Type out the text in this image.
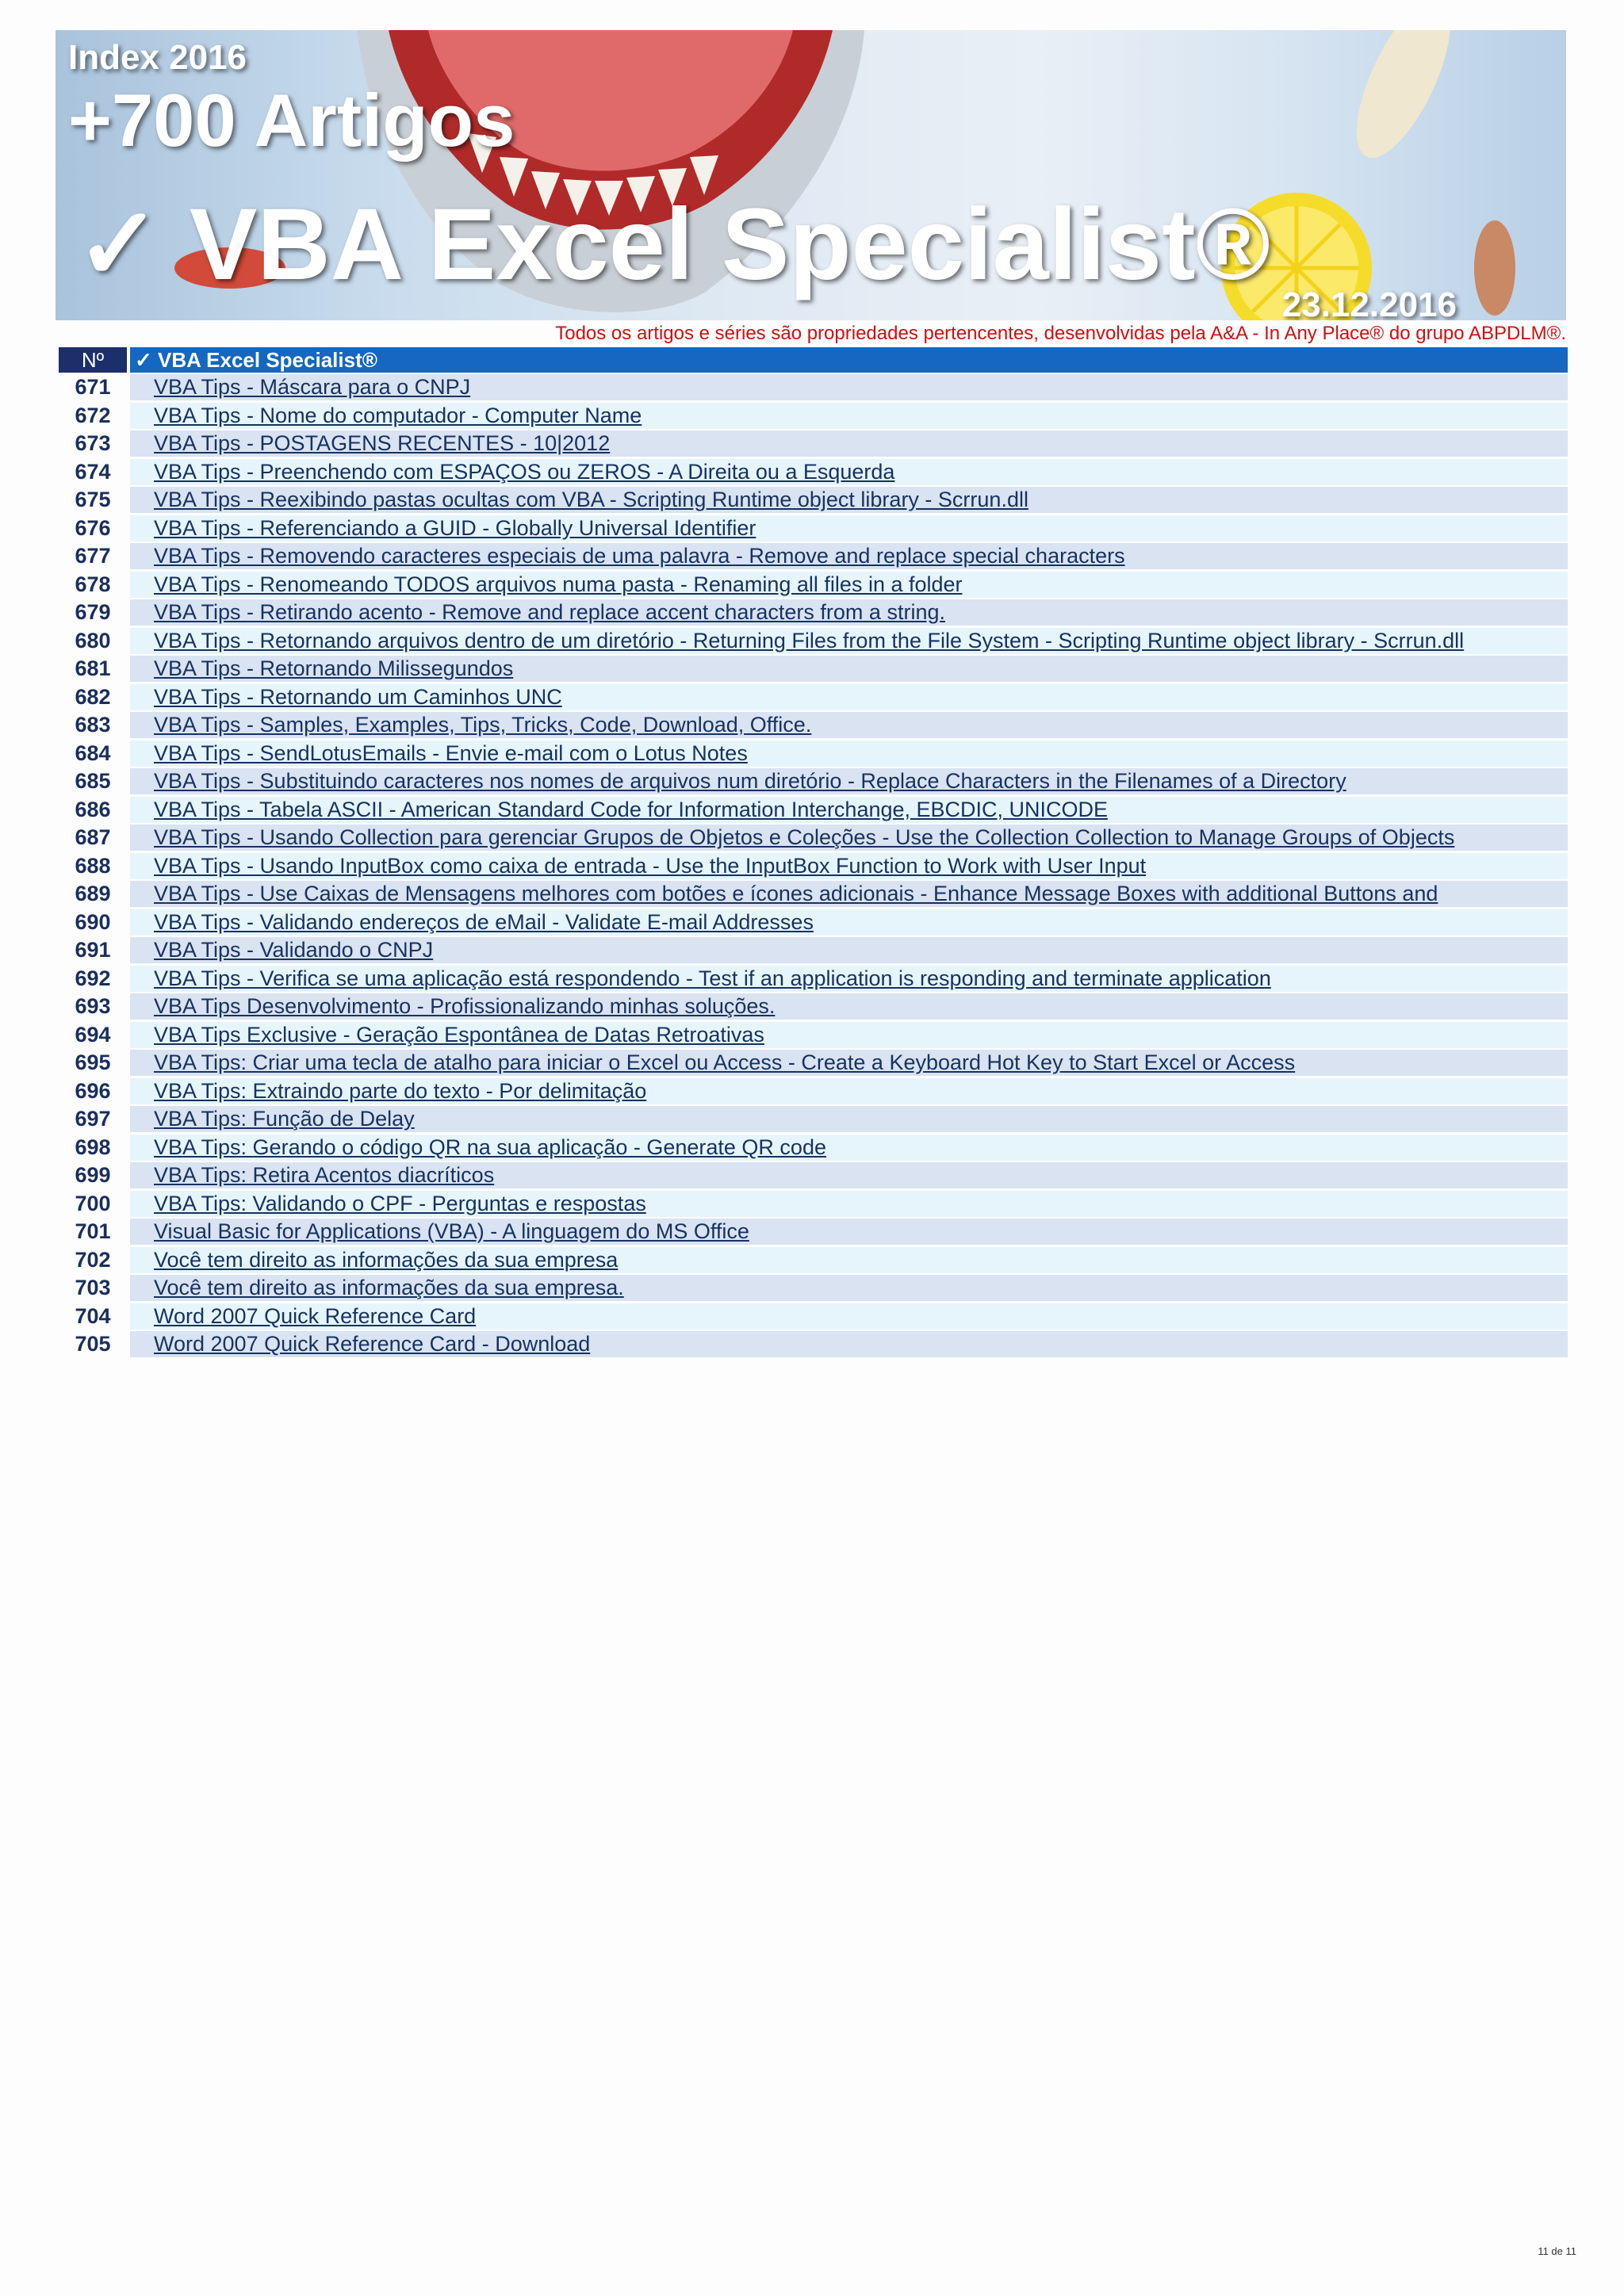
Index 2016
+700 Artigos
✓ VBA Excel Specialist®
23.12.2016
Todos os artigos e séries são propriedades pertencentes, desenvolvidas pela A&A - In Any Place® do grupo ABPDLM®.
Nº	✓ VBA Excel Specialist®
671	VBA Tips - Máscara para o CNPJ
672	VBA Tips - Nome do computador - Computer Name
673	VBA Tips - POSTAGENS RECENTES - 10|2012
674	VBA Tips - Preenchendo com ESPAÇOS ou ZEROS - A Direita ou a Esquerda
675	VBA Tips - Reexibindo pastas ocultas com VBA - Scripting Runtime object library - Scrrun.dll
676	VBA Tips - Referenciando a GUID - Globally Universal Identifier
677	VBA Tips - Removendo caracteres especiais de uma palavra - Remove and replace special characters
678	VBA Tips - Renomeando TODOS arquivos numa pasta - Renaming all files in a folder
679	VBA Tips - Retirando acento - Remove and replace accent characters from a string.
680	VBA Tips - Retornando arquivos dentro de um diretório - Returning Files from the File System - Scripting Runtime object library - Scrrun.dll
681	VBA Tips - Retornando Milissegundos
682	VBA Tips - Retornando um Caminhos UNC
683	VBA Tips - Samples, Examples, Tips, Tricks, Code, Download, Office.
684	VBA Tips - SendLotusEmails - Envie e-mail com o Lotus Notes
685	VBA Tips - Substituindo caracteres nos nomes de arquivos num diretório - Replace Characters in the Filenames of a Directory
686	VBA Tips - Tabela ASCII - American Standard Code for Information Interchange, EBCDIC, UNICODE
687	VBA Tips - Usando Collection para gerenciar Grupos de Objetos e Coleções - Use the Collection Collection to Manage Groups of Objects
688	VBA Tips - Usando InputBox como caixa de entrada - Use the InputBox Function to Work with User Input
689	VBA Tips - Use Caixas de Mensagens melhores com botões e ícones adicionais - Enhance Message Boxes with additional Buttons and
690	VBA Tips - Validando endereços de eMail - Validate E-mail Addresses
691	VBA Tips - Validando o CNPJ
692	VBA Tips - Verifica se uma aplicação está respondendo - Test if an application is responding and terminate application
693	VBA Tips Desenvolvimento - Profissionalizando minhas soluções.
694	VBA Tips Exclusive - Geração Espontânea de Datas Retroativas
695	VBA Tips: Criar uma tecla de atalho para iniciar o Excel ou Access - Create a Keyboard Hot Key to Start Excel or Access
696	VBA Tips: Extraindo parte do texto - Por delimitação
697	VBA Tips: Função de Delay
698	VBA Tips: Gerando o código QR na sua aplicação - Generate QR code
699	VBA Tips: Retira Acentos diacríticos
700	VBA Tips: Validando o CPF - Perguntas e respostas
701	Visual Basic for Applications (VBA) - A linguagem do MS Office
702	Você tem direito as informações da sua empresa
703	Você tem direito as informações da sua empresa.
704	Word 2007 Quick Reference Card
705	Word 2007 Quick Reference Card - Download
11 de 11
